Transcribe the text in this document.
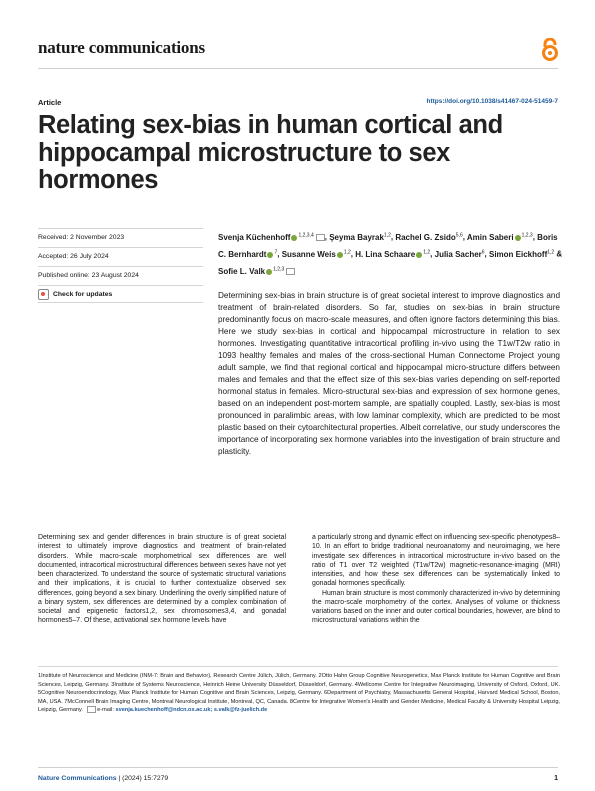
nature communications
Article	https://doi.org/10.1038/s41467-024-51459-7
Relating sex-bias in human cortical and hippocampal microstructure to sex hormones
Received: 2 November 2023
Accepted: 26 July 2024
Published online: 23 August 2024
Check for updates
Svenja Küchenhoff $^{1,2,3,4}$ , Şeyma Bayrak$^{1,2}$, Rachel G. Zsido$^{5,6}$, Amin Saberi $^{1,2,3}$, Boris C. Bernhardt $^7$, Susanne Weis $^{1,2}$, H. Lina Schaare $^{1,2}$, Julia Sacher$^6$, Simon Eickhoff$^{1,2}$ & Sofie L. Valk $^{1,2,3}$
Determining sex-bias in brain structure is of great societal interest to improve diagnostics and treatment of brain-related disorders. So far, studies on sex-bias in brain structure predominantly focus on macro-scale measures, and often ignore factors determining this bias. Here we study sex-bias in cortical and hippocampal microstructure in relation to sex hormones. Investigating quantitative intracortical profiling in-vivo using the T1w/T2w ratio in 1093 healthy females and males of the cross-sectional Human Connectome Project young adult sample, we find that regional cortical and hippocampal micro-structure differs between males and females and that the effect size of this sex-bias varies depending on self-reported hormonal status in females. Micro-structural sex-bias and expression of sex hormone genes, based on an independent post-mortem sample, are spatially coupled. Lastly, sex-bias is most pronounced in paralimbic areas, with low laminar complexity, which are predicted to be most plastic based on their cytoarchitectural properties. Albeit correlative, our study underscores the importance of incorporating sex hormone variables into the investigation of brain structure and plasticity.

Determining sex and gender differences in brain structure is of great societal interest to ultimately improve diagnostics and treatment of brain-related disorders. While macro-scale morphometrical sex differences are well documented, intracortical microstructural differences between sexes have not yet been characterized. To understand the source of systematic structural variations and their implications, it is crucial to further contextualize observed sex differences, going beyond a sex binary. Underlining the overly simplified nature of a binary system, sex differences are determined by a complex combination of societal and epigenetic factors1,2, sex chromosomes3,4, and gonadal hormones5–7. Of these, activational sex hormone levels have

a particularly strong and dynamic effect on influencing sex-specific phenotypes8–10. In an effort to bridge traditional neuroanatomy and neuroimaging, we here investigate sex differences in intracortical microstructure in-vivo based on the ratio of T1 over T2 weighted (T1w/T2w) magnetic-resonance-imaging (MRI) intensities, and how these sex differences can be systematically linked to gonadal hormones specifically.

Human brain structure is most commonly characterized in-vivo by determining the macro-scale morphometry of the cortex. Analyses of volume or thickness variations based on the inner and outer cortical boundaries, however, are blind to microstructural variations within the

1Institute of Neuroscience and Medicine (INM-7: Brain and Behavior), Research Centre Jülich, Jülich, Germany. 2Otto Hahn Group Cognitive Neurogenetics, Max Planck Institute for Human Cognitive and Brain Sciences, Leipzig, Germany. 3Institute of Systems Neuroscience, Heinrich Heine University Düsseldorf, Düsseldorf, Germany. 4Wellcome Centre for Integrative Neuroimaging, University of Oxford, Oxford, UK. 5Cognitive Neuroendocrinology, Max Planck Institute for Human Cognitive and Brain Sciences, Leipzig, Germany. 6Department of Psychiatry, Massachusetts General Hospital, Harvard Medical School, Boston, MA, USA. 7McConnell Brain Imaging Centre, Montreal Neurological Institute, Montreal, QC, Canada. 8Centre for Integrative Women's Health and Gender Medicine, Medical Faculty & University Hospital Leipzig, Leipzig, Germany.	e-mail: svenja.kuechenhoff@ndcn.ox.ac.uk; s.valk@fz-juelich.de
Nature Communications | (2024) 15:7279	1
